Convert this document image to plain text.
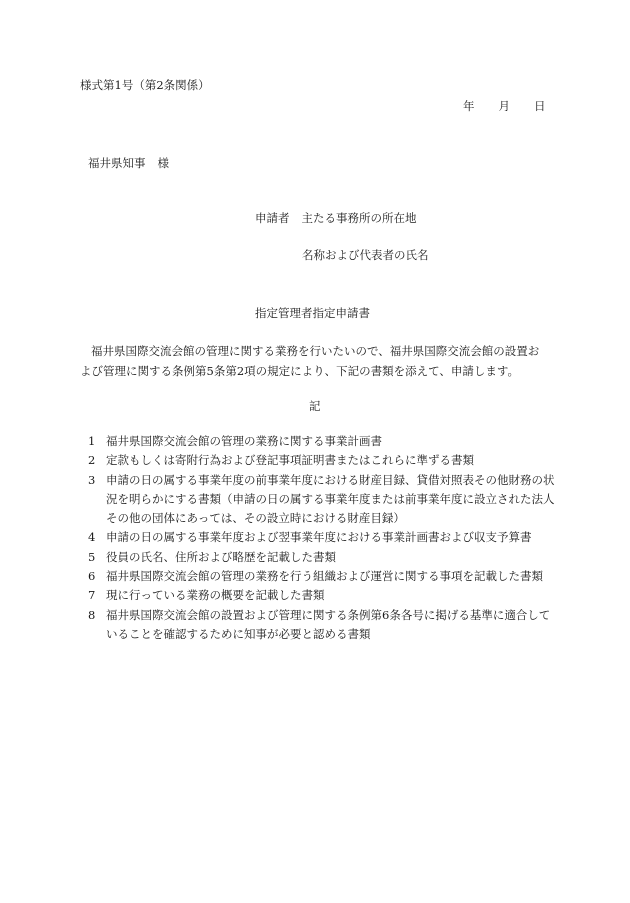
様式第1号（第2条関係）
年 月 日
福井県知事 様
申請者 主たる事務所の所在地
名称および代表者の氏名
指定管理者指定申請書
福井県国際交流会館の管理に関する業務を行いたいので、福井県国際交流会館の設置および管理に関する条例第5条第2項の規定により、下記の書類を添えて、申請します。
記
1 福井県国際交流会館の管理の業務に関する事業計画書
2 定款もしくは寄附行為および登記事項証明書またはこれらに準ずる書類
3 申請の日の属する事業年度の前事業年度における財産目録、貸借対照表その他財務の状況を明らかにする書類（申請の日の属する事業年度または前事業年度に設立された法人その他の団体にあっては、その設立時における財産目録）
4 申請の日の属する事業年度および翌事業年度における事業計画書および収支予算書
5 役員の氏名、住所および略歴を記載した書類
6 福井県国際交流会館の管理の業務を行う組織および運営に関する事項を記載した書類
7 現に行っている業務の概要を記載した書類
8 福井県国際交流会館の設置および管理に関する条例第6条各号に掲げる基準に適合していることを確認するために知事が必要と認める書類
